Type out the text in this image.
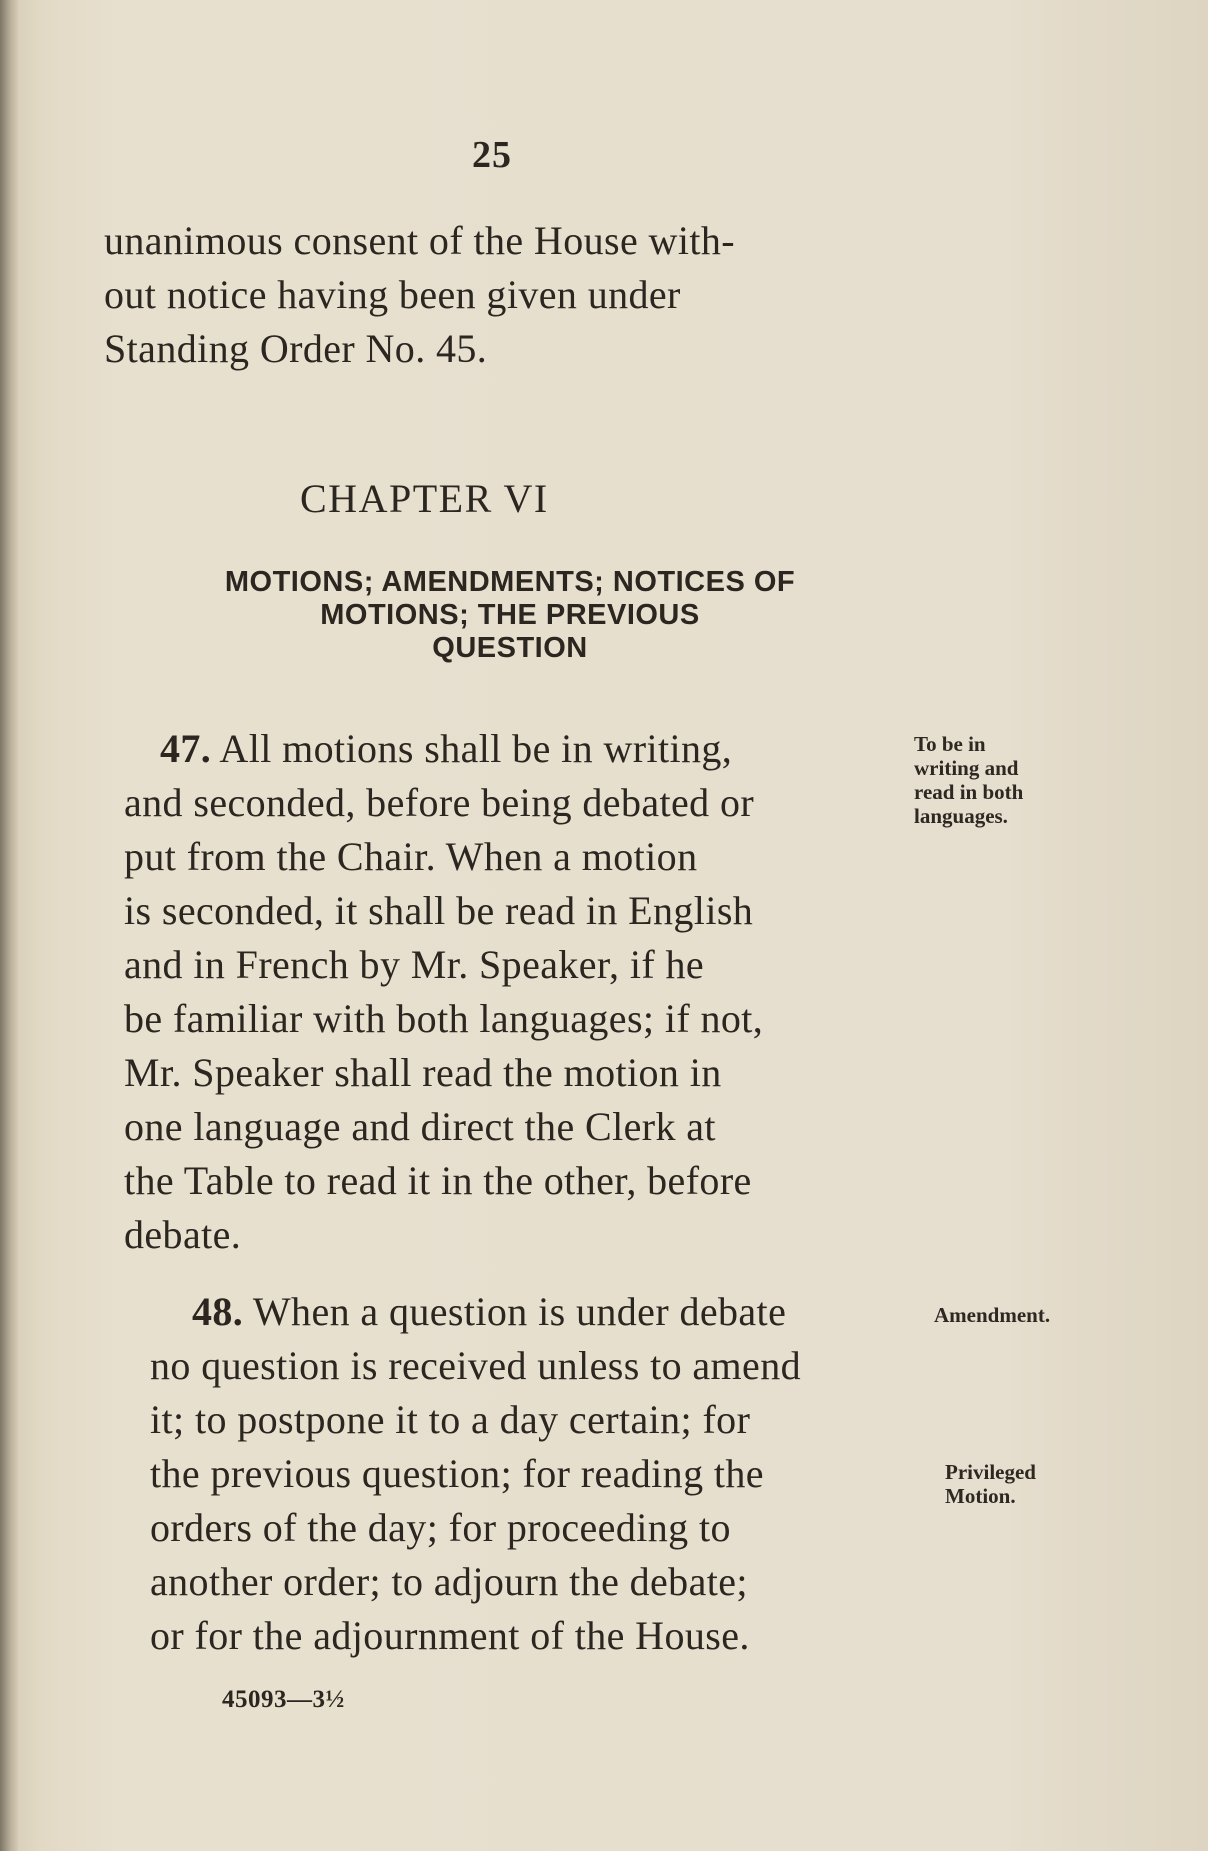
25
unanimous consent of the House with-
out notice having been given under
Standing Order No. 45.
CHAPTER VI
MOTIONS; AMENDMENTS; NOTICES OF
MOTIONS; THE PREVIOUS
QUESTION
47. All motions shall be in writing,
and seconded, before being debated or
put from the Chair. When a motion
is seconded, it shall be read in English
and in French by Mr. Speaker, if he
be familiar with both languages; if not,
Mr. Speaker shall read the motion in
one language and direct the Clerk at
the Table to read it in the other, before
debate.
To be in
writing and
read in both
languages.
48. When a question is under debate
no question is received unless to amend
it; to postpone it to a day certain; for
the previous question; for reading the
orders of the day; for proceeding to
another order; to adjourn the debate;
or for the adjournment of the House.
Amendment.
Privileged
Motion.
45093—3½
